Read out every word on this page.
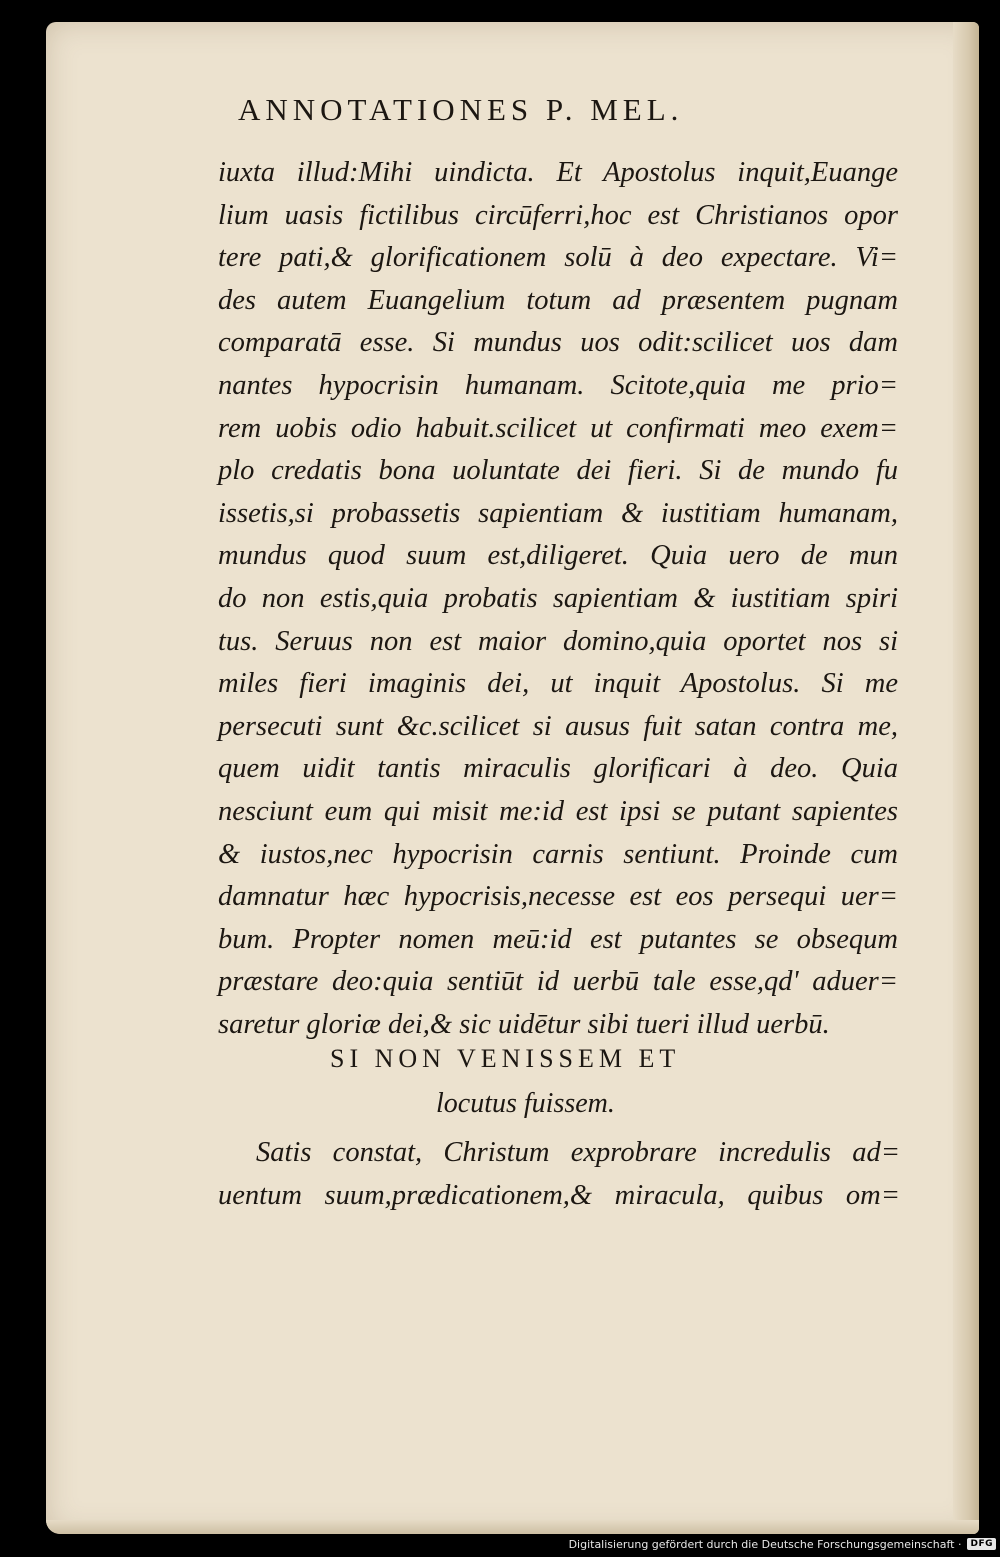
ANNOTATIONES P. MEL.
iuxta illud:Mihi uindicta. Et Apostolus inquit,Euange
lium uasis fictilibus circūferri,hoc est Christianos opor
tere pati,& glorificationem solū à deo expectare. Vi=
des autem Euangelium totum ad præsentem pugnam
comparatā esse. Si mundus uos odit:scilicet uos dam
nantes hypocrisin humanam. Scitote,quia me prio=
rem uobis odio habuit.scilicet ut confirmati meo exem=
plo credatis bona uoluntate dei fieri. Si de mundo fu
issetis,si probassetis sapientiam & iustitiam humanam,
mundus quod suum est,diligeret. Quia uero de mun
do non estis,quia probatis sapientiam & iustitiam spiri
tus. Seruus non est maior domino,quia oportet nos si
miles fieri imaginis dei, ut inquit Apostolus. Si me
persecuti sunt &c.scilicet si ausus fuit satan contra me,
quem uidit tantis miraculis glorificari à deo. Quia
nesciunt eum qui misit me:id est ipsi se putant sapientes
& iustos,nec hypocrisin carnis sentiunt. Proinde cum
damnatur hæc hypocrisis,necesse est eos persequi uer=
bum. Propter nomen meū:id est putantes se obsequm
præstare deo:quia sentiūt id uerbū tale esse,qd' aduer=
saretur gloriæ dei,& sic uidētur sibi tueri illud uerbū.
SI NON VENISSEM ET
locutus fuissem.
Satis constat, Christum exprobrare incredulis ad=
uentum suum,prædicationem,& miracula, quibus om=
Digitalisierung gefördert durch die Deutsche Forschungsgemeinschaft ·	DFG
